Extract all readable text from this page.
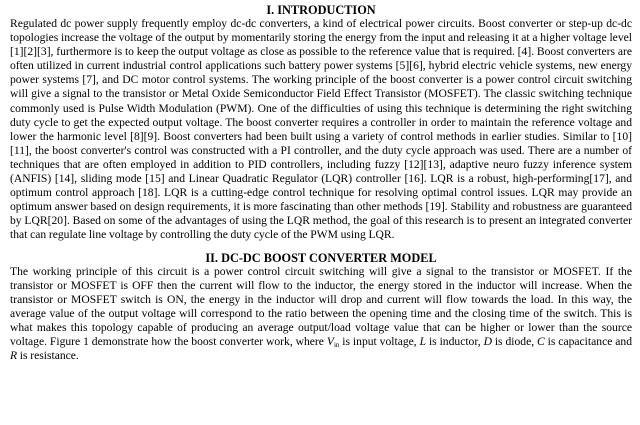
I. INTRODUCTION

Regulated dc power supply frequently employ dc-dc converters, a kind of electrical power circuits. Boost converter or step-up dc-dc topologies increase the voltage of the output by momentarily storing the energy from the input and releasing it at a higher voltage level [1][2][3], furthermore is to keep the output voltage as close as possible to the reference value that is required. [4]. Boost converters are often utilized in current industrial control applications such battery power systems [5][6], hybrid electric vehicle systems, new energy power systems [7], and DC motor control systems. The working principle of the boost converter is a power control circuit switching will give a signal to the transistor or Metal Oxide Semiconductor Field Effect Transistor (MOSFET). The classic switching technique commonly used is Pulse Width Modulation (PWM). One of the difficulties of using this technique is determining the right switching duty cycle to get the expected output voltage. The boost converter requires a controller in order to maintain the reference voltage and lower the harmonic level [8][9]. Boost converters had been built using a variety of control methods in earlier studies. Similar to [10][11], the boost converter's control was constructed with a PI controller, and the duty cycle approach was used. There are a number of techniques that are often employed in addition to PID controllers, including fuzzy [12][13], adaptive neuro fuzzy inference system (ANFIS) [14], sliding mode [15] and Linear Quadratic Regulator (LQR) controller [16]. LQR is a robust, high-performing[17], and optimum control approach [18]. LQR is a cutting-edge control technique for resolving optimal control issues. LQR may provide an optimum answer based on design requirements, it is more fascinating than other methods [19]. Stability and robustness are guaranteed by LQR[20]. Based on some of the advantages of using the LQR method, the goal of this research is to present an integrated converter that can regulate line voltage by controlling the duty cycle of the PWM using LQR.

II. DC-DC BOOST CONVERTER MODEL

The working principle of this circuit is a power control circuit switching will give a signal to the transistor or MOSFET. If the transistor or MOSFET is OFF then the current will flow to the inductor, the energy stored in the inductor will increase. When the transistor or MOSFET switch is ON, the energy in the inductor will drop and current will flow towards the load. In this way, the average value of the output voltage will correspond to the ratio between the opening time and the closing time of the switch. This is what makes this topology capable of producing an average output/load voltage value that can be higher or lower than the source voltage. Figure 1 demonstrate how the boost converter work, where $V_{in}$ is input voltage, L is inductor, D is diode, C is capacitance and R is resistance.
